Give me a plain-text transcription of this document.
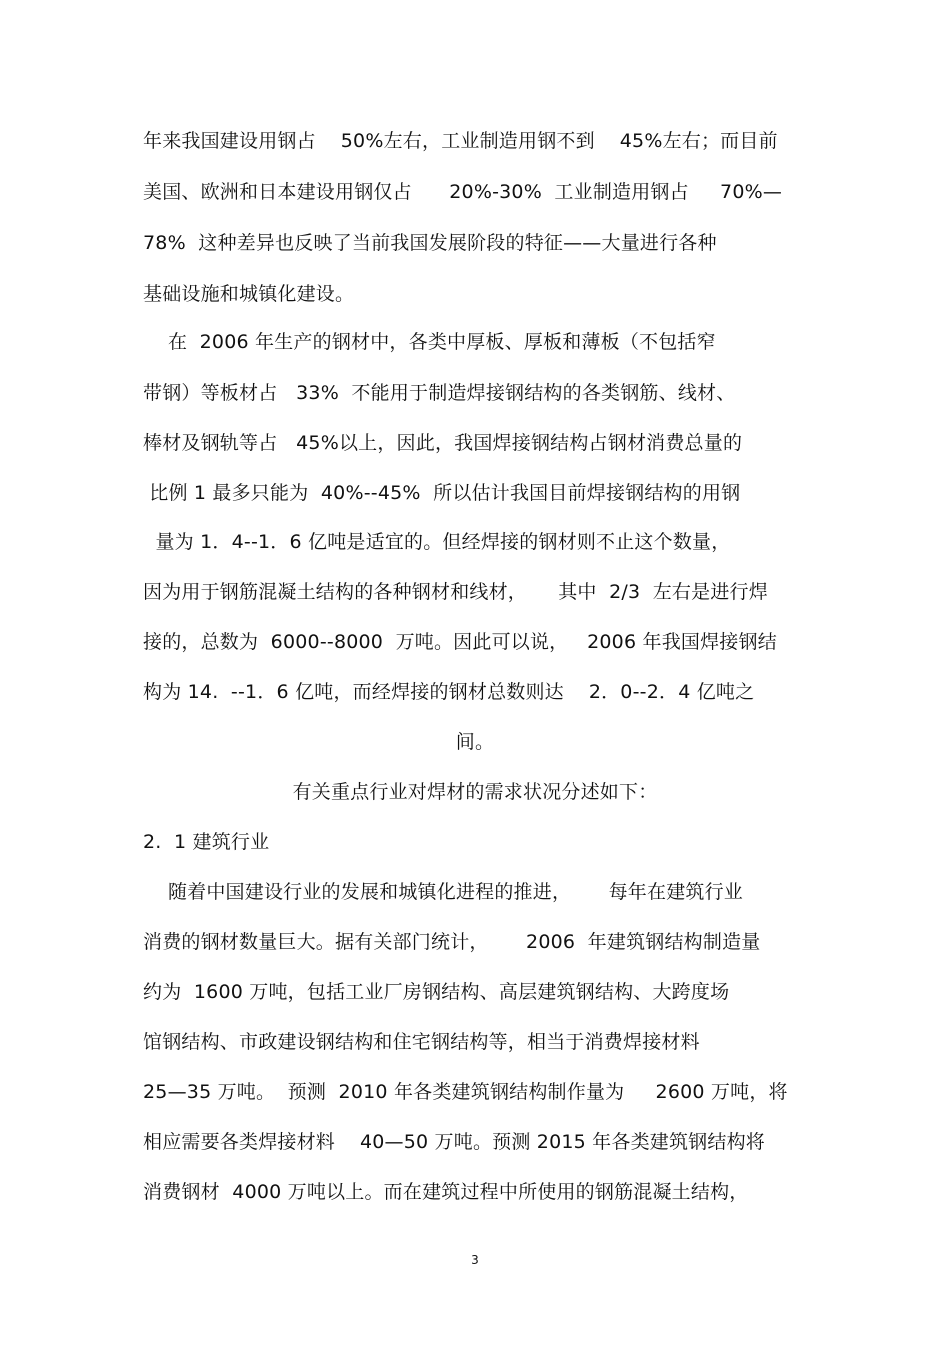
年来我国建设用钢占    50%左右，工业制造用钢不到    45%左右；而目前
美国、欧洲和日本建设用钢仅占      20%-30%  工业制造用钢占     70%—
78%  这种差异也反映了当前我国发展阶段的特征——大量进行各种
基础设施和城镇化建设。
在  2006 年生产的钢材中，各类中厚板、厚板和薄板（不包括窄
带钢）等板材占   33%  不能用于制造焊接钢结构的各类钢筋、线材、
棒材及钢轨等占   45%以上，因此，我国焊接钢结构占钢材消费总量的
比例 1 最多只能为  40%--45%  所以估计我国目前焊接钢结构的用钢
量为 1．4--1．6 亿吨是适宜的。但经焊接的钢材则不止这个数量，
因为用于钢筋混凝土结构的各种钢材和线材，     其中  2/3  左右是进行焊
接的，总数为  6000--8000  万吨。因此可以说，   2006 年我国焊接钢结
构为 14.  --1．6 亿吨，而经焊接的钢材总数则达    2．0--2．4 亿吨之
间。
有关重点行业对焊材的需求状况分述如下：
2.  1 建筑行业
随着中国建设行业的发展和城镇化进程的推进，      每年在建筑行业
消费的钢材数量巨大。据有关部门统计，      2006  年建筑钢结构制造量
约为  1600 万吨，包括工业厂房钢结构、高层建筑钢结构、大跨度场
馆钢结构、市政建设钢结构和住宅钢结构等，相当于消费焊接材料
25—35 万吨。  预测  2010 年各类建筑钢结构制作量为     2600 万吨，将
相应需要各类焊接材料    40—50 万吨。预测 2015 年各类建筑钢结构将
消费钢材  4000 万吨以上。而在建筑过程中所使用的钢筋混凝土结构，
3
